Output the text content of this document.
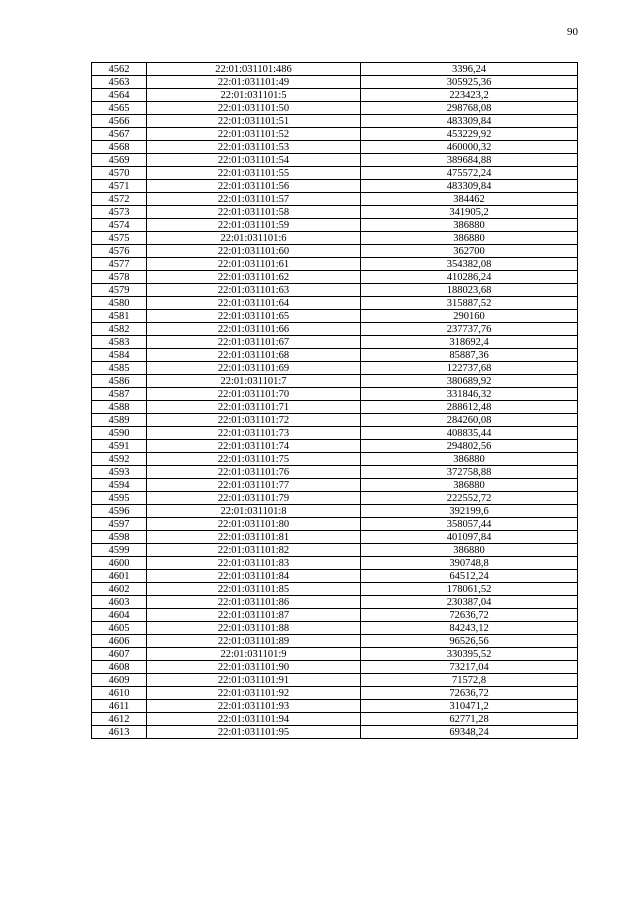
90
4562	22:01:031101:486	3396,24
4563	22:01:031101:49	305925,36
4564	22:01:031101:5	223423,2
4565	22:01:031101:50	298768,08
4566	22:01:031101:51	483309,84
4567	22:01:031101:52	453229,92
4568	22:01:031101:53	460000,32
4569	22:01:031101:54	389684,88
4570	22:01:031101:55	475572,24
4571	22:01:031101:56	483309,84
4572	22:01:031101:57	384462
4573	22:01:031101:58	341905,2
4574	22:01:031101:59	386880
4575	22:01:031101:6	386880
4576	22:01:031101:60	362700
4577	22:01:031101:61	354382,08
4578	22:01:031101:62	410286,24
4579	22:01:031101:63	188023,68
4580	22:01:031101:64	315887,52
4581	22:01:031101:65	290160
4582	22:01:031101:66	237737,76
4583	22:01:031101:67	318692,4
4584	22:01:031101:68	85887,36
4585	22:01:031101:69	122737,68
4586	22:01:031101:7	380689,92
4587	22:01:031101:70	331846,32
4588	22:01:031101:71	288612,48
4589	22:01:031101:72	284260,08
4590	22:01:031101:73	408835,44
4591	22:01:031101:74	294802,56
4592	22:01:031101:75	386880
4593	22:01:031101:76	372758,88
4594	22:01:031101:77	386880
4595	22:01:031101:79	222552,72
4596	22:01:031101:8	392199,6
4597	22:01:031101:80	358057,44
4598	22:01:031101:81	401097,84
4599	22:01:031101:82	386880
4600	22:01:031101:83	390748,8
4601	22:01:031101:84	64512,24
4602	22:01:031101:85	178061,52
4603	22:01:031101:86	230387,04
4604	22:01:031101:87	72636,72
4605	22:01:031101:88	84243,12
4606	22:01:031101:89	96526,56
4607	22:01:031101:9	330395,52
4608	22:01:031101:90	73217,04
4609	22:01:031101:91	71572,8
4610	22:01:031101:92	72636,72
4611	22:01:031101:93	310471,2
4612	22:01:031101:94	62771,28
4613	22:01:031101:95	69348,24
